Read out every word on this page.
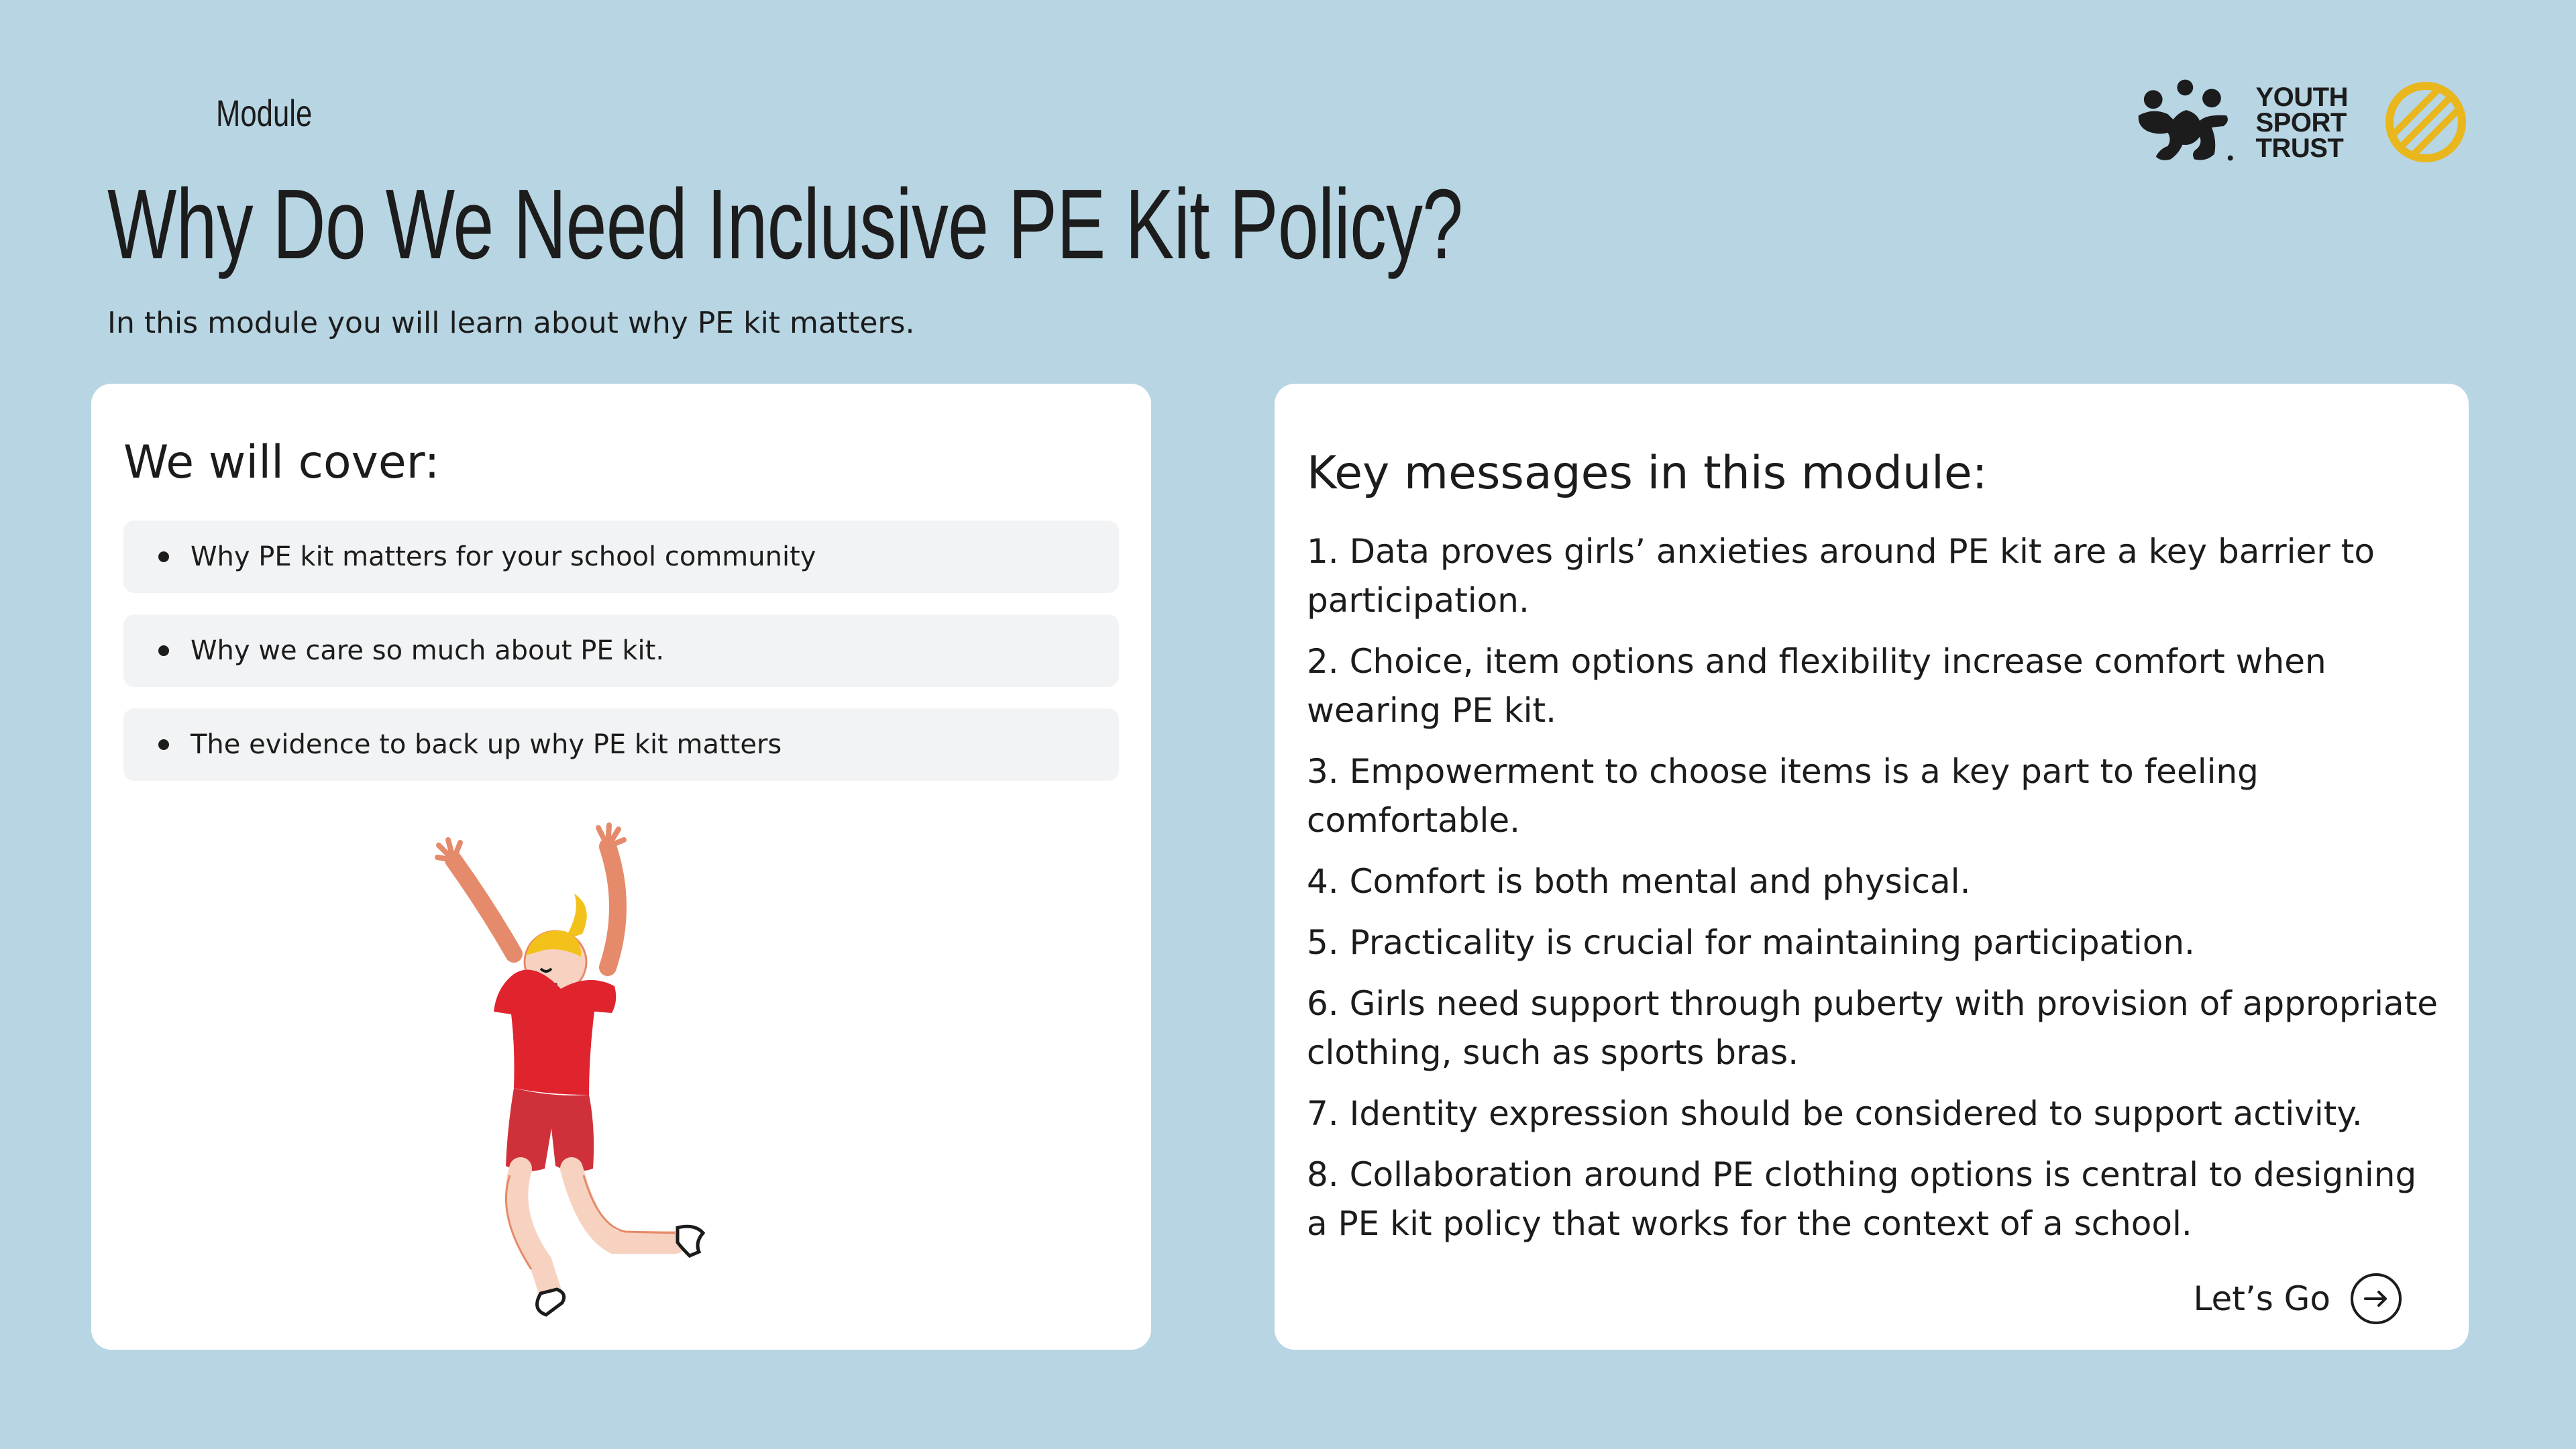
Module
Why Do We Need Inclusive PE Kit Policy?
In this module you will learn about why PE kit matters.
YOUTH
SPORT
TRUST
We will cover:
Why PE kit matters for your school community
Why we care so much about PE kit.
The evidence to back up why PE kit matters
Key messages in this module:
1. Data proves girls’ anxieties around PE kit are a key barrier to participation.
2. Choice, item options and flexibility increase comfort when wearing PE kit.
3. Empowerment to choose items is a key part to feeling comfortable.
4. Comfort is both mental and physical.
5. Practicality is crucial for maintaining participation.
6. Girls need support through puberty with provision of appropriate clothing, such as sports bras.
7. Identity expression should be considered to support activity.
8. Collaboration around PE clothing options is central to designing a PE kit policy that works for the context of a school.
Let’s Go
